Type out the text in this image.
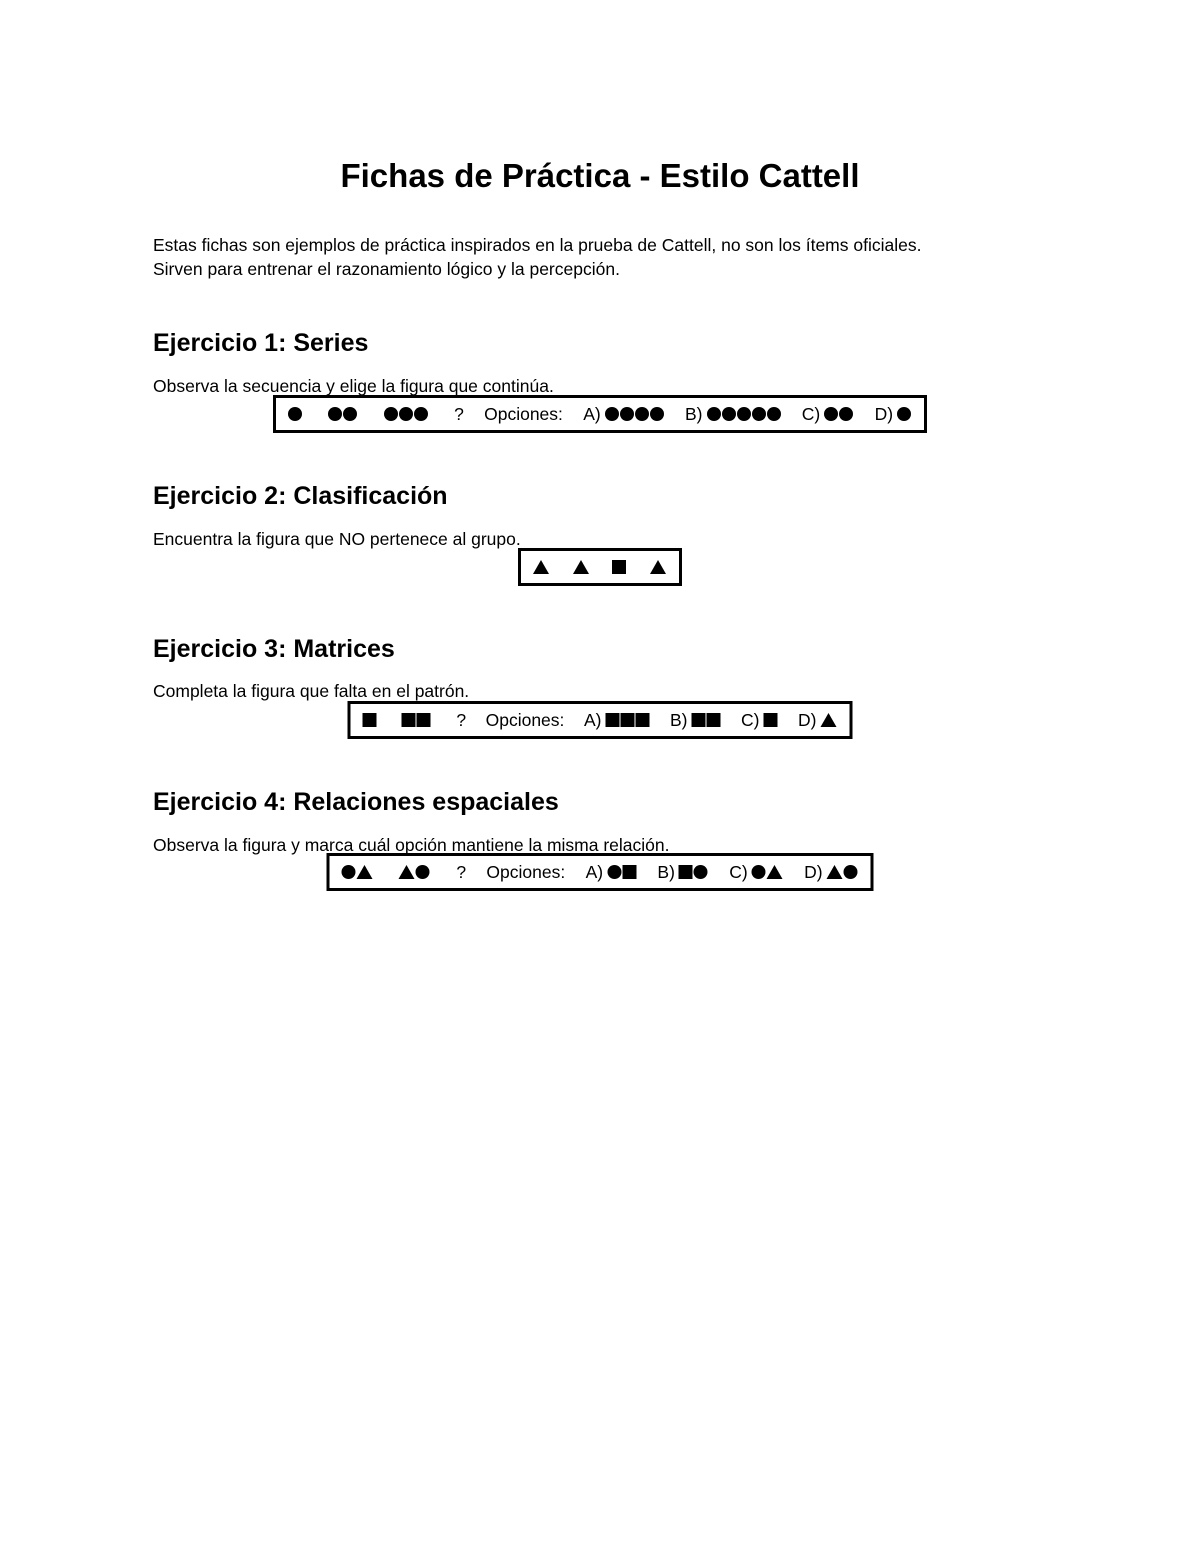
Fichas de Práctica - Estilo Cattell
Estas fichas son ejemplos de práctica inspirados en la prueba de Cattell, no son los ítems oficiales.
Sirven para entrenar el razonamiento lógico y la percepción.
Ejercicio 1: Series

Observa la secuencia y elige la figura que continúa.

? Opciones: A)	B)	C)	D)
Ejercicio 2: Clasificación

Encuentra la figura que NO pertenece al grupo.

Ejercicio 3: Matrices

Completa la figura que falta en el patrón.

? Opciones: A)	B)	C) D)
Ejercicio 4: Relaciones espaciales

Observa la figura y marca cuál opción mantiene la misma relación.

? Opciones: A)	B)	C)	D)
